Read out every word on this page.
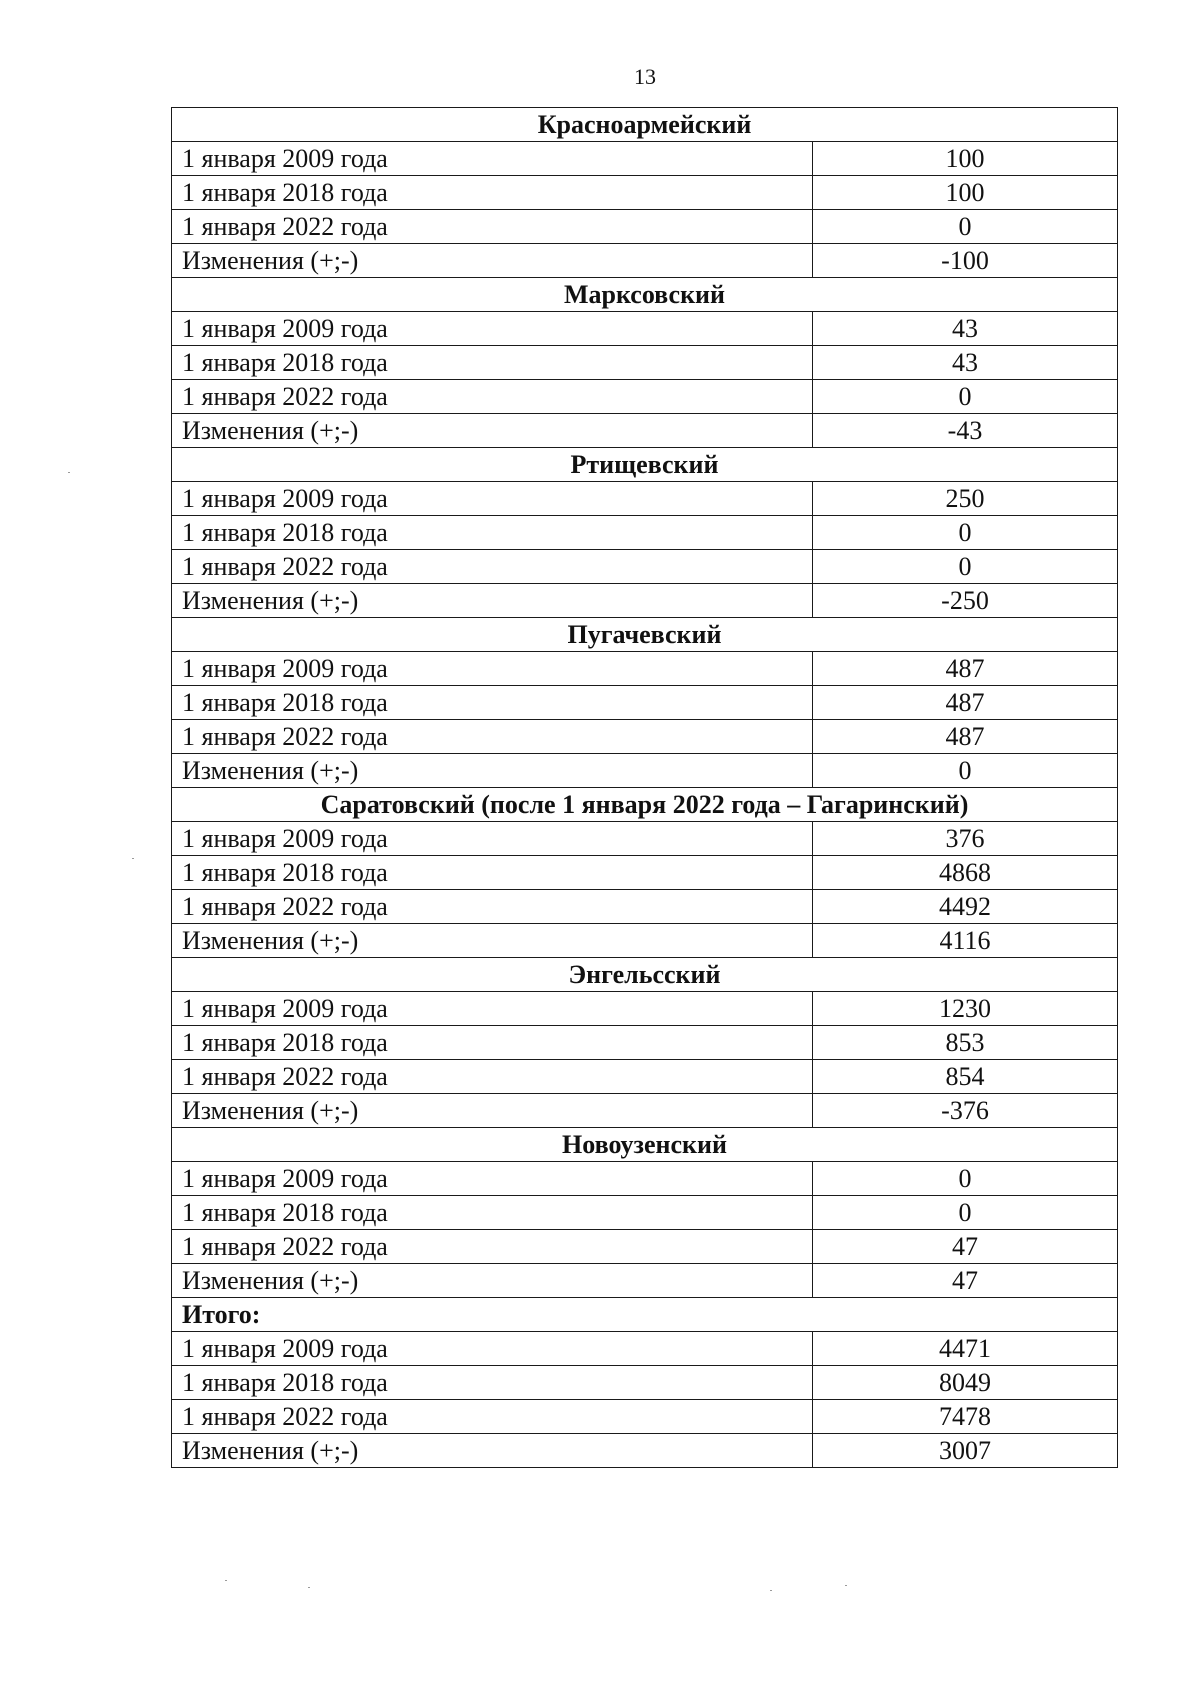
13
Красноармейский	
1 января 2009 года	100
1 января 2018 года	100
1 января 2022 года	0
Изменения (+;-)	-100
Марксовский	
1 января 2009 года	43
1 января 2018 года	43
1 января 2022 года	0
Изменения (+;-)	-43
Ртищевский	
1 января 2009 года	250
1 января 2018 года	0
1 января 2022 года	0
Изменения (+;-)	-250
Пугачевский	
1 января 2009 года	487
1 января 2018 года	487
1 января 2022 года	487
Изменения (+;-)	0
Саратовский (после 1 января 2022 года – Гагаринский)	
1 января 2009 года	376
1 января 2018 года	4868
1 января 2022 года	4492
Изменения (+;-)	4116
Энгельсский	
1 января 2009 года	1230
1 января 2018 года	853
1 января 2022 года	854
Изменения (+;-)	-376
Новоузенский	
1 января 2009 года	0
1 января 2018 года	0
1 января 2022 года	47
Изменения (+;-)	47
Итого:	
1 января 2009 года	4471
1 января 2018 года	8049
1 января 2022 года	7478
Изменения (+;-)	3007
